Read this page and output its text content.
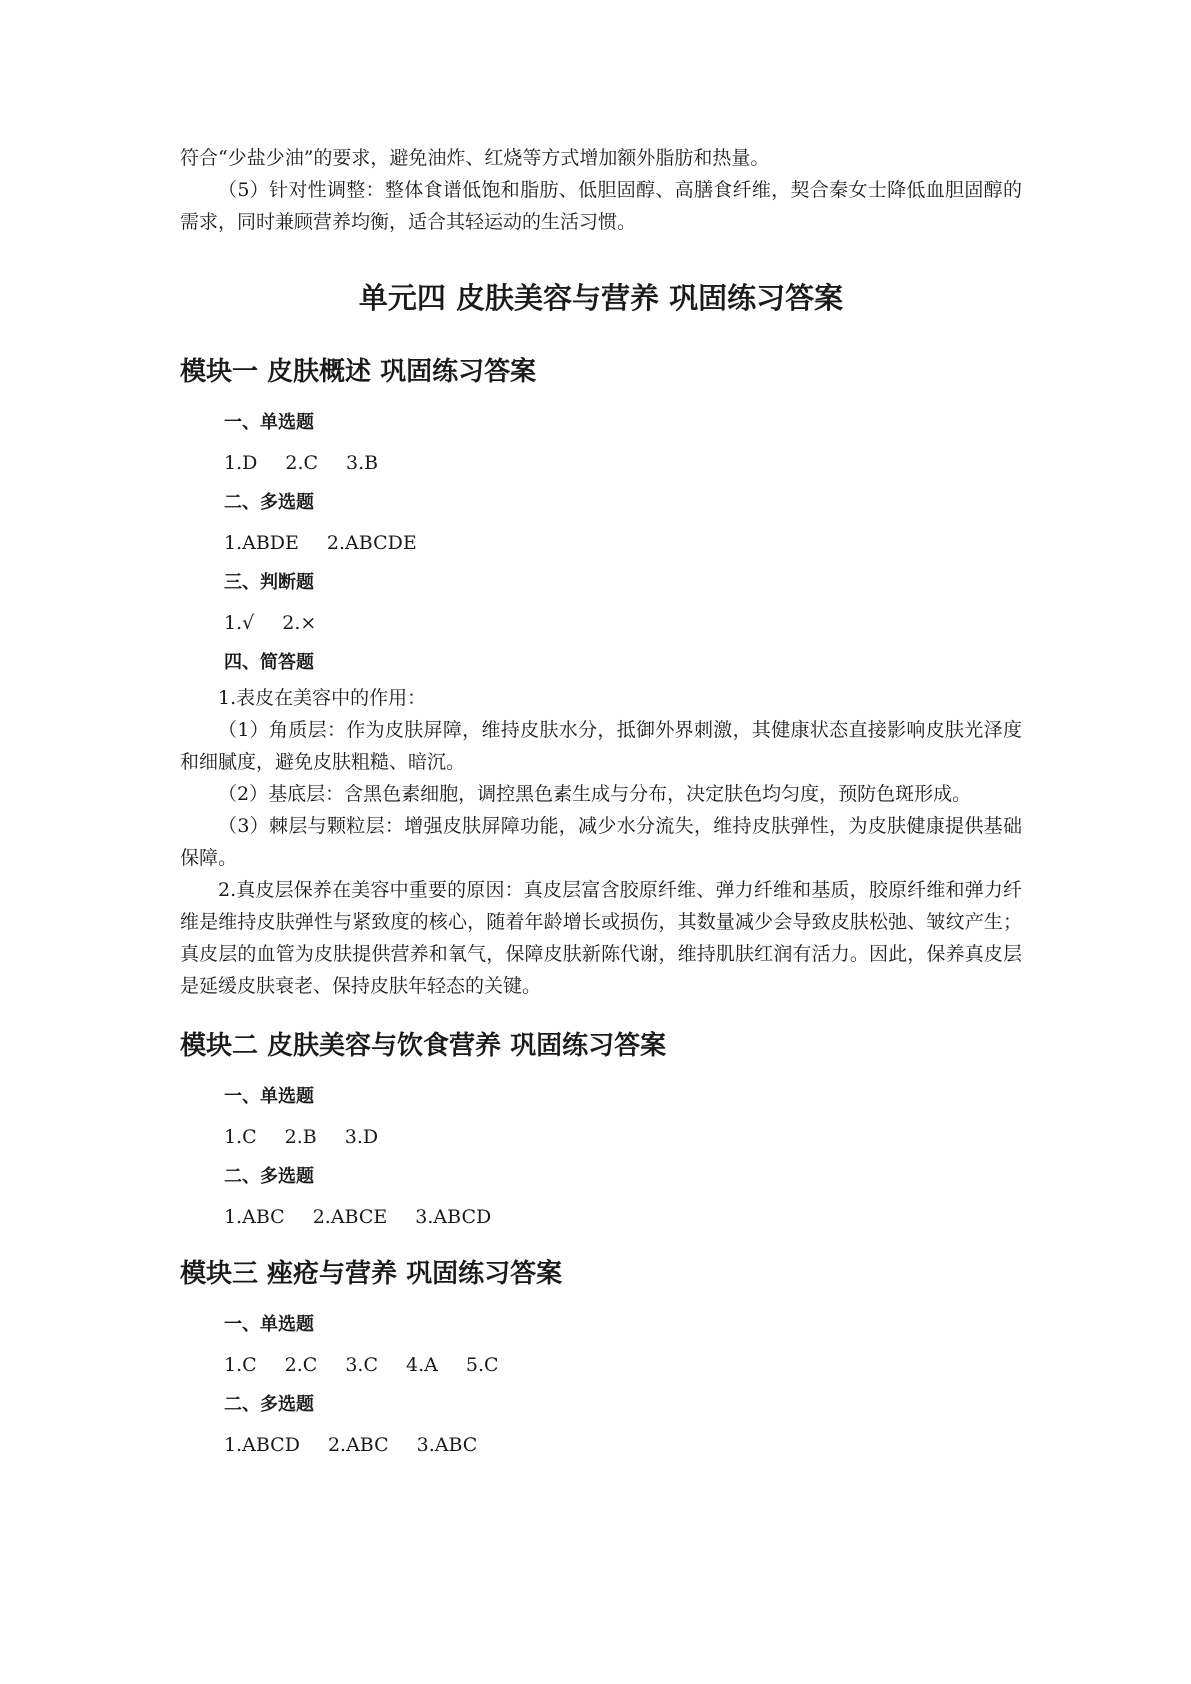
符合“少盐少油”的要求，避免油炸、红烧等方式增加额外脂肪和热量。

（5）针对性调整：整体食谱低饱和脂肪、低胆固醇、高膳食纤维，契合秦女士降低血胆固醇的需求，同时兼顾营养均衡，适合其轻运动的生活习惯。

单元四 皮肤美容与营养 巩固练习答案
模块一 皮肤概述 巩固练习答案
一、单选题
1.D 2.C 3.B
二、多选题
1.ABDE 2.ABCDE
三、判断题
1.√ 2.×
四、简答题

1.表皮在美容中的作用：

（1）角质层：作为皮肤屏障，维持皮肤水分，抵御外界刺激，其健康状态直接影响皮肤光泽度和细腻度，避免皮肤粗糙、暗沉。

（2）基底层：含黑色素细胞，调控黑色素生成与分布，决定肤色均匀度，预防色斑形成。

（3）棘层与颗粒层：增强皮肤屏障功能，减少水分流失，维持皮肤弹性，为皮肤健康提供基础保障。

2.真皮层保养在美容中重要的原因：真皮层富含胶原纤维、弹力纤维和基质，胶原纤维和弹力纤维是维持皮肤弹性与紧致度的核心，随着年龄增长或损伤，其数量减少会导致皮肤松弛、皱纹产生；真皮层的血管为皮肤提供营养和氧气，保障皮肤新陈代谢，维持肌肤红润有活力。因此，保养真皮层是延缓皮肤衰老、保持皮肤年轻态的关键。

模块二 皮肤美容与饮食营养 巩固练习答案
一、单选题
1.C 2.B 3.D
二、多选题
1.ABC 2.ABCE 3.ABCD
模块三 痤疮与营养 巩固练习答案
一、单选题
1.C 2.C 3.C 4.A 5.C
二、多选题
1.ABCD 2.ABC 3.ABC
